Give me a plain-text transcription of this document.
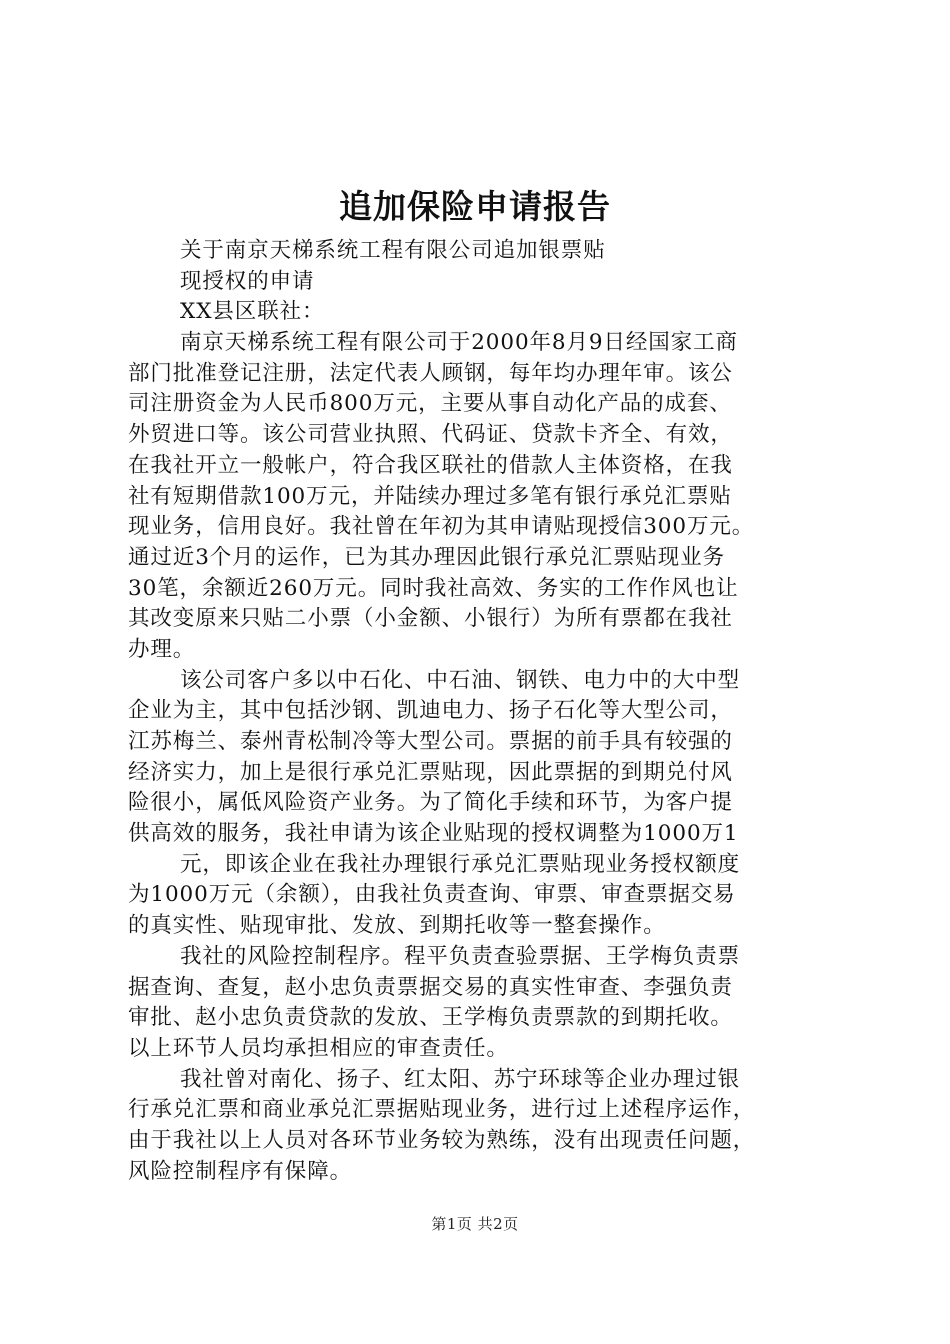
追加保险申请报告
关于南京天梯系统工程有限公司追加银票贴
现授权的申请
XX县区联社：
南京天梯系统工程有限公司于2000年8月9日经国家工商
部门批准登记注册，法定代表人顾钢，每年均办理年审。该公
司注册资金为人民币800万元，主要从事自动化产品的成套、
外贸进口等。该公司营业执照、代码证、贷款卡齐全、有效，
在我社开立一般帐户，符合我区联社的借款人主体资格，在我
社有短期借款100万元，并陆续办理过多笔有银行承兑汇票贴
现业务，信用良好。我社曾在年初为其申请贴现授信300万元。
通过近3个月的运作，已为其办理因此银行承兑汇票贴现业务
30笔，余额近260万元。同时我社高效、务实的工作作风也让
其改变原来只贴二小票（小金额、小银行）为所有票都在我社
办理。
该公司客户多以中石化、中石油、钢铁、电力中的大中型
企业为主，其中包括沙钢、凯迪电力、扬子石化等大型公司，
江苏梅兰、泰州青松制冷等大型公司。票据的前手具有较强的
经济实力，加上是很行承兑汇票贴现，因此票据的到期兑付风
险很小，属低风险资产业务。为了简化手续和环节，为客户提
供高效的服务，我社申请为该企业贴现的授权调整为1000万1
元，即该企业在我社办理银行承兑汇票贴现业务授权额度
为1000万元（余额），由我社负责查询、审票、审查票据交易
的真实性、贴现审批、发放、到期托收等一整套操作。
我社的风险控制程序。程平负责查验票据、王学梅负责票
据查询、查复，赵小忠负责票据交易的真实性审查、李强负责
审批、赵小忠负责贷款的发放、王学梅负责票款的到期托收。
以上环节人员均承担相应的审查责任。
我社曾对南化、扬子、红太阳、苏宁环球等企业办理过银
行承兑汇票和商业承兑汇票据贴现业务，进行过上述程序运作，
由于我社以上人员对各环节业务较为熟练，没有出现责任问题，
风险控制程序有保障。
第1页 共2页
